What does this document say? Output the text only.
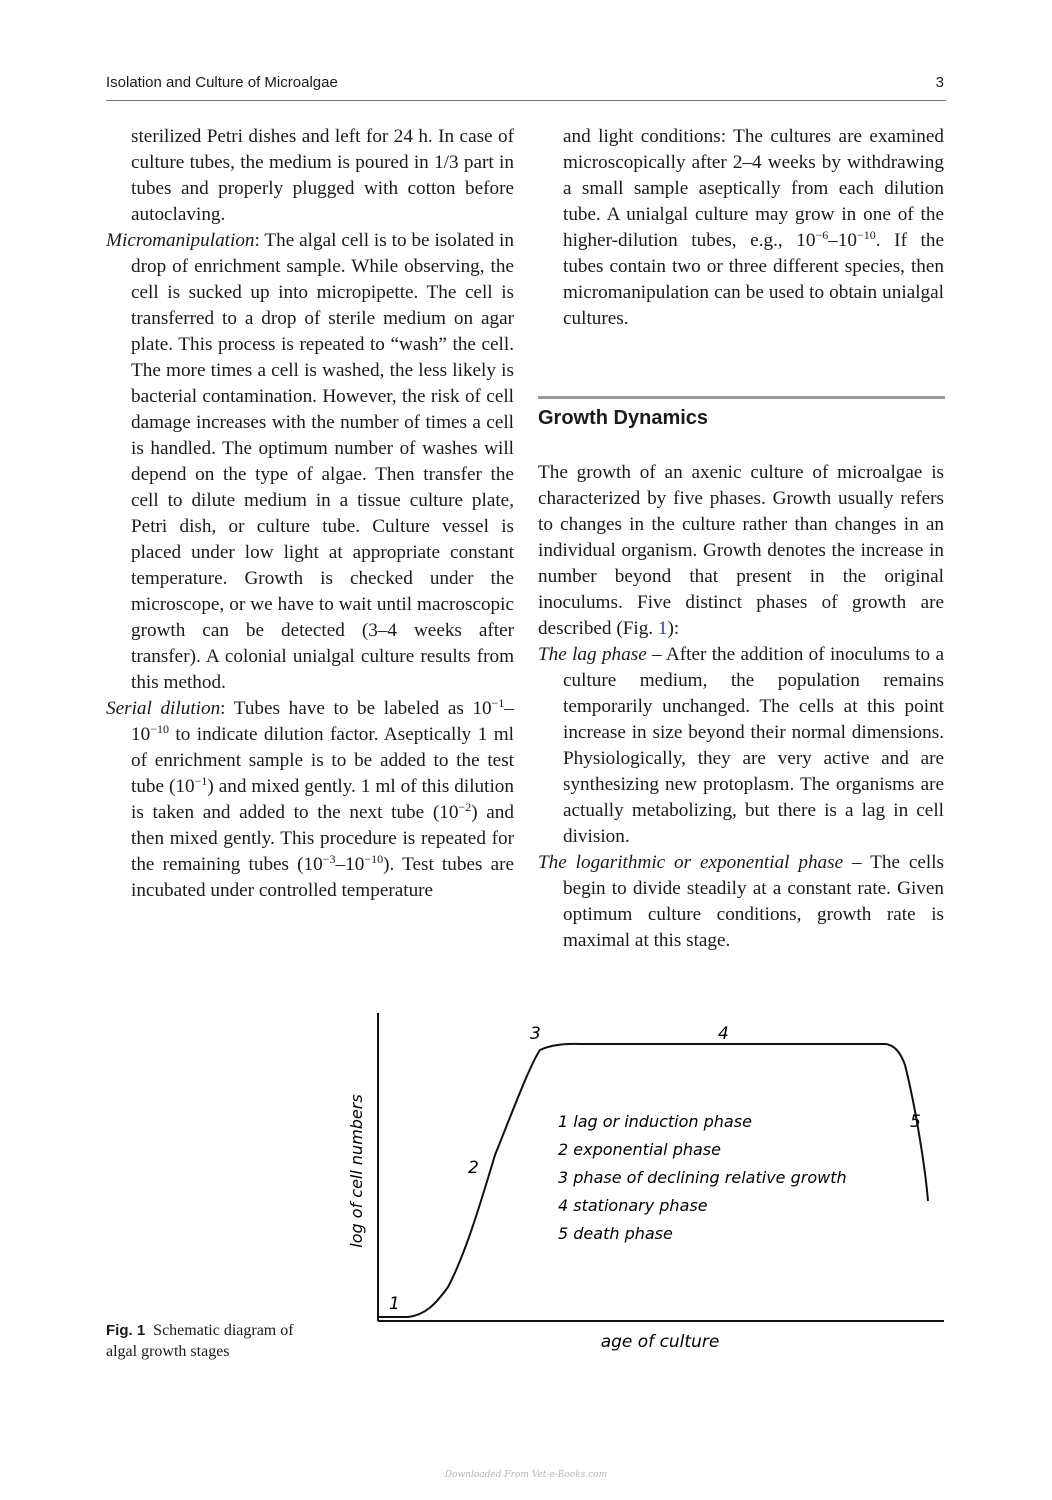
Isolation and Culture of Microalgae	3

sterilized Petri dishes and left for 24 h. In case of culture tubes, the medium is poured in 1/3 part in tubes and properly plugged with cotton before autoclaving.

Micromanipulation: The algal cell is to be isolated in drop of enrichment sample. While observing, the cell is sucked up into micropipette. The cell is transferred to a drop of sterile medium on agar plate. This process is repeated to “wash” the cell. The more times a cell is washed, the less likely is bacterial contamination. However, the risk of cell damage increases with the number of times a cell is handled. The optimum number of washes will depend on the type of algae. Then transfer the cell to dilute medium in a tissue culture plate, Petri dish, or culture tube. Culture vessel is placed under low light at appropriate constant temperature. Growth is checked under the microscope, or we have to wait until macroscopic growth can be detected (3–4 weeks after transfer). A colonial unialgal culture results from this method.

Serial dilution: Tubes have to be labeled as $10^{-1}-10^{-10}$ to indicate dilution factor. Aseptically 1 ml of enrichment sample is to be added to the test tube $(10^{-1})$ and mixed gently. 1 ml of this dilution is taken and added to the next tube $(10^{-2})$ and then mixed gently. This procedure is repeated for the remaining tubes $(10^{-3}-10^{-10})$. Test tubes are incubated under controlled temperature

and light conditions: The cultures are examined microscopically after 2–4 weeks by withdrawing a small sample aseptically from each dilution tube. A unialgal culture may grow in one of the higher-dilution tubes, e.g., $10^{-6}-10^{-10}$. If the tubes contain two or three different species, then micromanipulation can be used to obtain unialgal cultures.

Growth Dynamics

The growth of an axenic culture of microalgae is characterized by five phases. Growth usually refers to changes in the culture rather than changes in an individual organism. Growth denotes the increase in number beyond that present in the original inoculums. Five distinct phases of growth are described (Fig. 1):

The lag phase – After the addition of inoculums to a culture medium, the population remains temporarily unchanged. The cells at this point increase in size beyond their normal dimensions. Physiologically, they are very active and are synthesizing new protoplasm. The organisms are actually metabolizing, but there is a lag in cell division.

The logarithmic or exponential phase – The cells begin to divide steadily at a constant rate. Given optimum culture conditions, growth rate is maximal at this stage.

1
2
3	4
5
1 lag or induction phase
2 exponential phase
3 phase of declining relative growth
4 stationary phase
5 death phase
log of cell numbers
age of culture
Fig. 1 Schematic diagram of algal growth stages
Downloaded From Vet-e-Books.com
